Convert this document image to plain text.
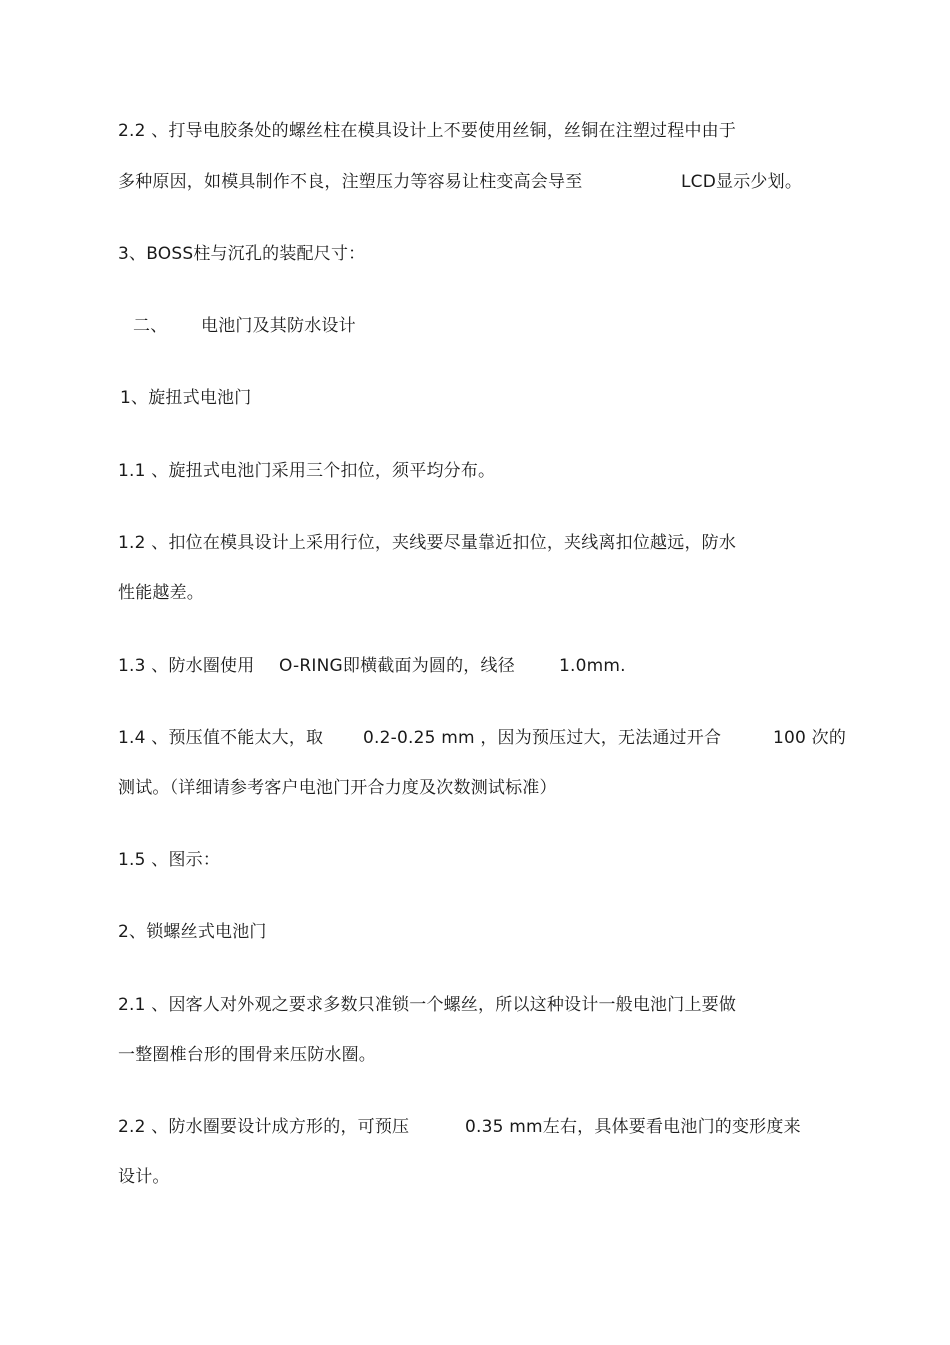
2.2 、打导电胶条处的螺丝柱在模具设计上不要使用丝铜，丝铜在注塑过程中由于
多种原因，如模具制作不良，注塑压力等容易让柱变高会导至	LCD显示少划。
3、BOSS柱与沉孔的装配尺寸：
二、 电池门及其防水设计
1、旋扭式电池门
1.1 、旋扭式电池门采用三个扣位，须平均分布。
1.2 、扣位在模具设计上采用行位，夹线要尽量靠近扣位，夹线离扣位越远，防水
性能越差。
1.3 、防水圈使用 O-RING即横截面为圆的，线径	1.0mm.
1.4 、预压值不能太大，取 0.2-0.25 mm ，因为预压过大，无法通过开合	100 次的
测试。（详细请参考客户电池门开合力度及次数测试标准）
1.5 、图示：
2、锁螺丝式电池门
2.1 、因客人对外观之要求多数只准锁一个螺丝，所以这种设计一般电池门上要做
一整圈椎台形的围骨来压防水圈。
2.2 、防水圈要设计成方形的，可预压	0.35 mm左右，具体要看电池门的变形度来
设计。
